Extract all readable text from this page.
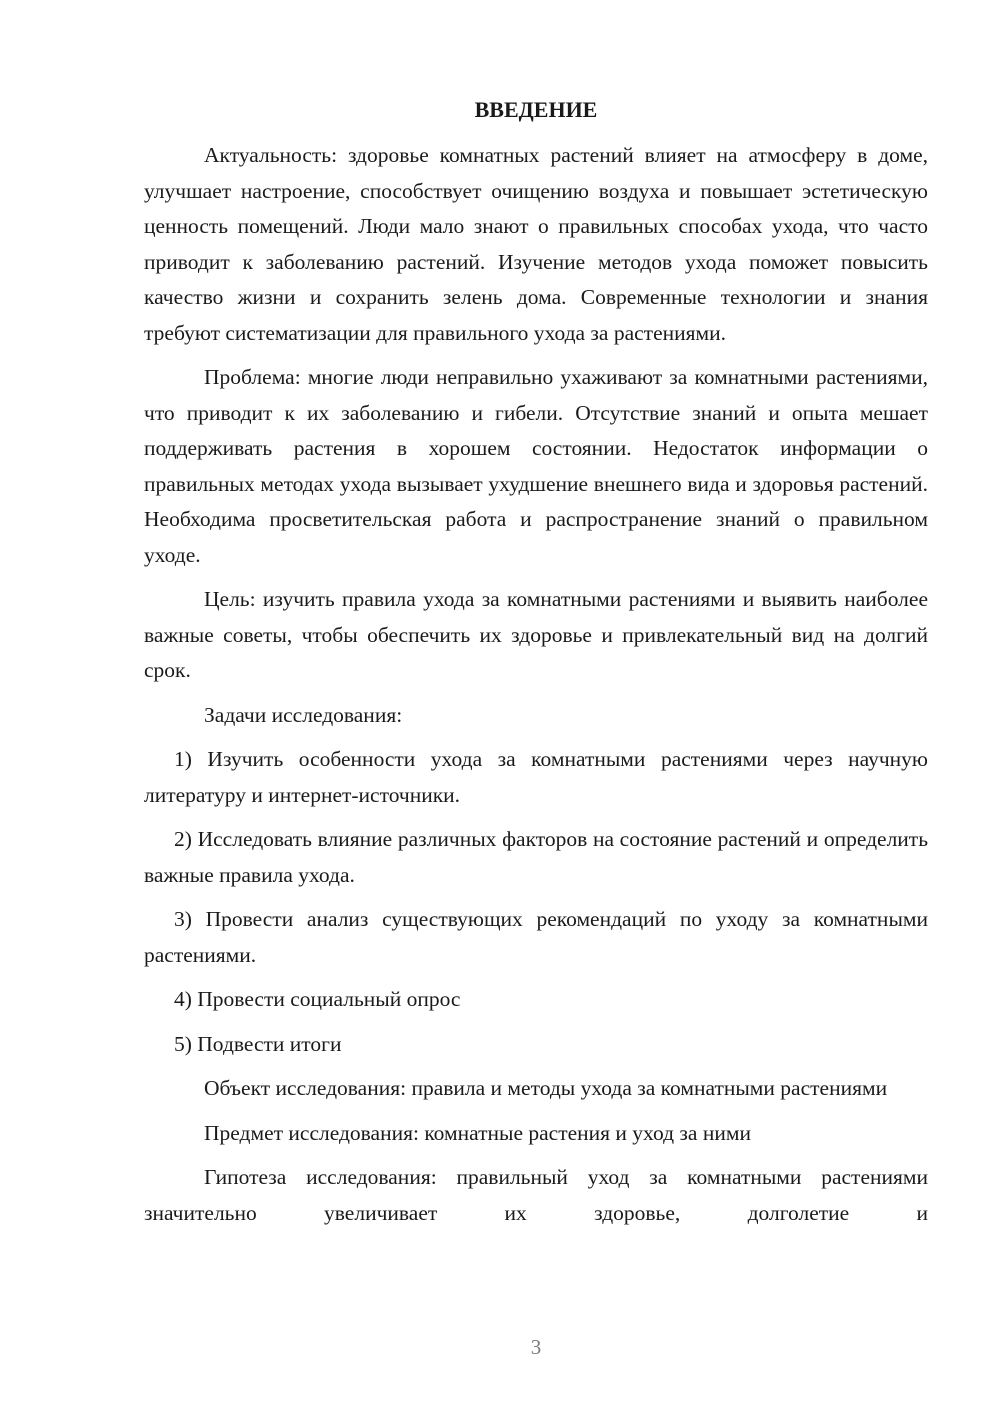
ВВЕДЕНИЕ

Актуальность: здоровье комнатных растений влияет на атмосферу в доме, улучшает настроение, способствует очищению воздуха и повышает эстетическую ценность помещений. Люди мало знают о правильных способах ухода, что часто приводит к заболеванию растений. Изучение методов ухода поможет повысить качество жизни и сохранить зелень дома. Современные технологии и знания требуют систематизации для правильного ухода за растениями.

Проблема: многие люди неправильно ухаживают за комнатными растениями, что приводит к их заболеванию и гибели. Отсутствие знаний и опыта мешает поддерживать растения в хорошем состоянии. Недостаток информации о правильных методах ухода вызывает ухудшение внешнего вида и здоровья растений. Необходима просветительская работа и распространение знаний о правильном уходе.

Цель: изучить правила ухода за комнатными растениями и выявить наиболее важные советы, чтобы обеспечить их здоровье и привлекательный вид на долгий срок.

Задачи исследования:

1) Изучить особенности ухода за комнатными растениями через научную литературу и интернет-источники.

2) Исследовать влияние различных факторов на состояние растений и определить важные правила ухода.

3) Провести анализ существующих рекомендаций по уходу за комнатными растениями.

4) Провести социальный опрос

5) Подвести итоги

Объект исследования: правила и методы ухода за комнатными растениями

Предмет исследования: комнатные растения и уход за ними

Гипотеза исследования: правильный уход за комнатными растениями значительно увеличивает их здоровье, долголетие и

3
